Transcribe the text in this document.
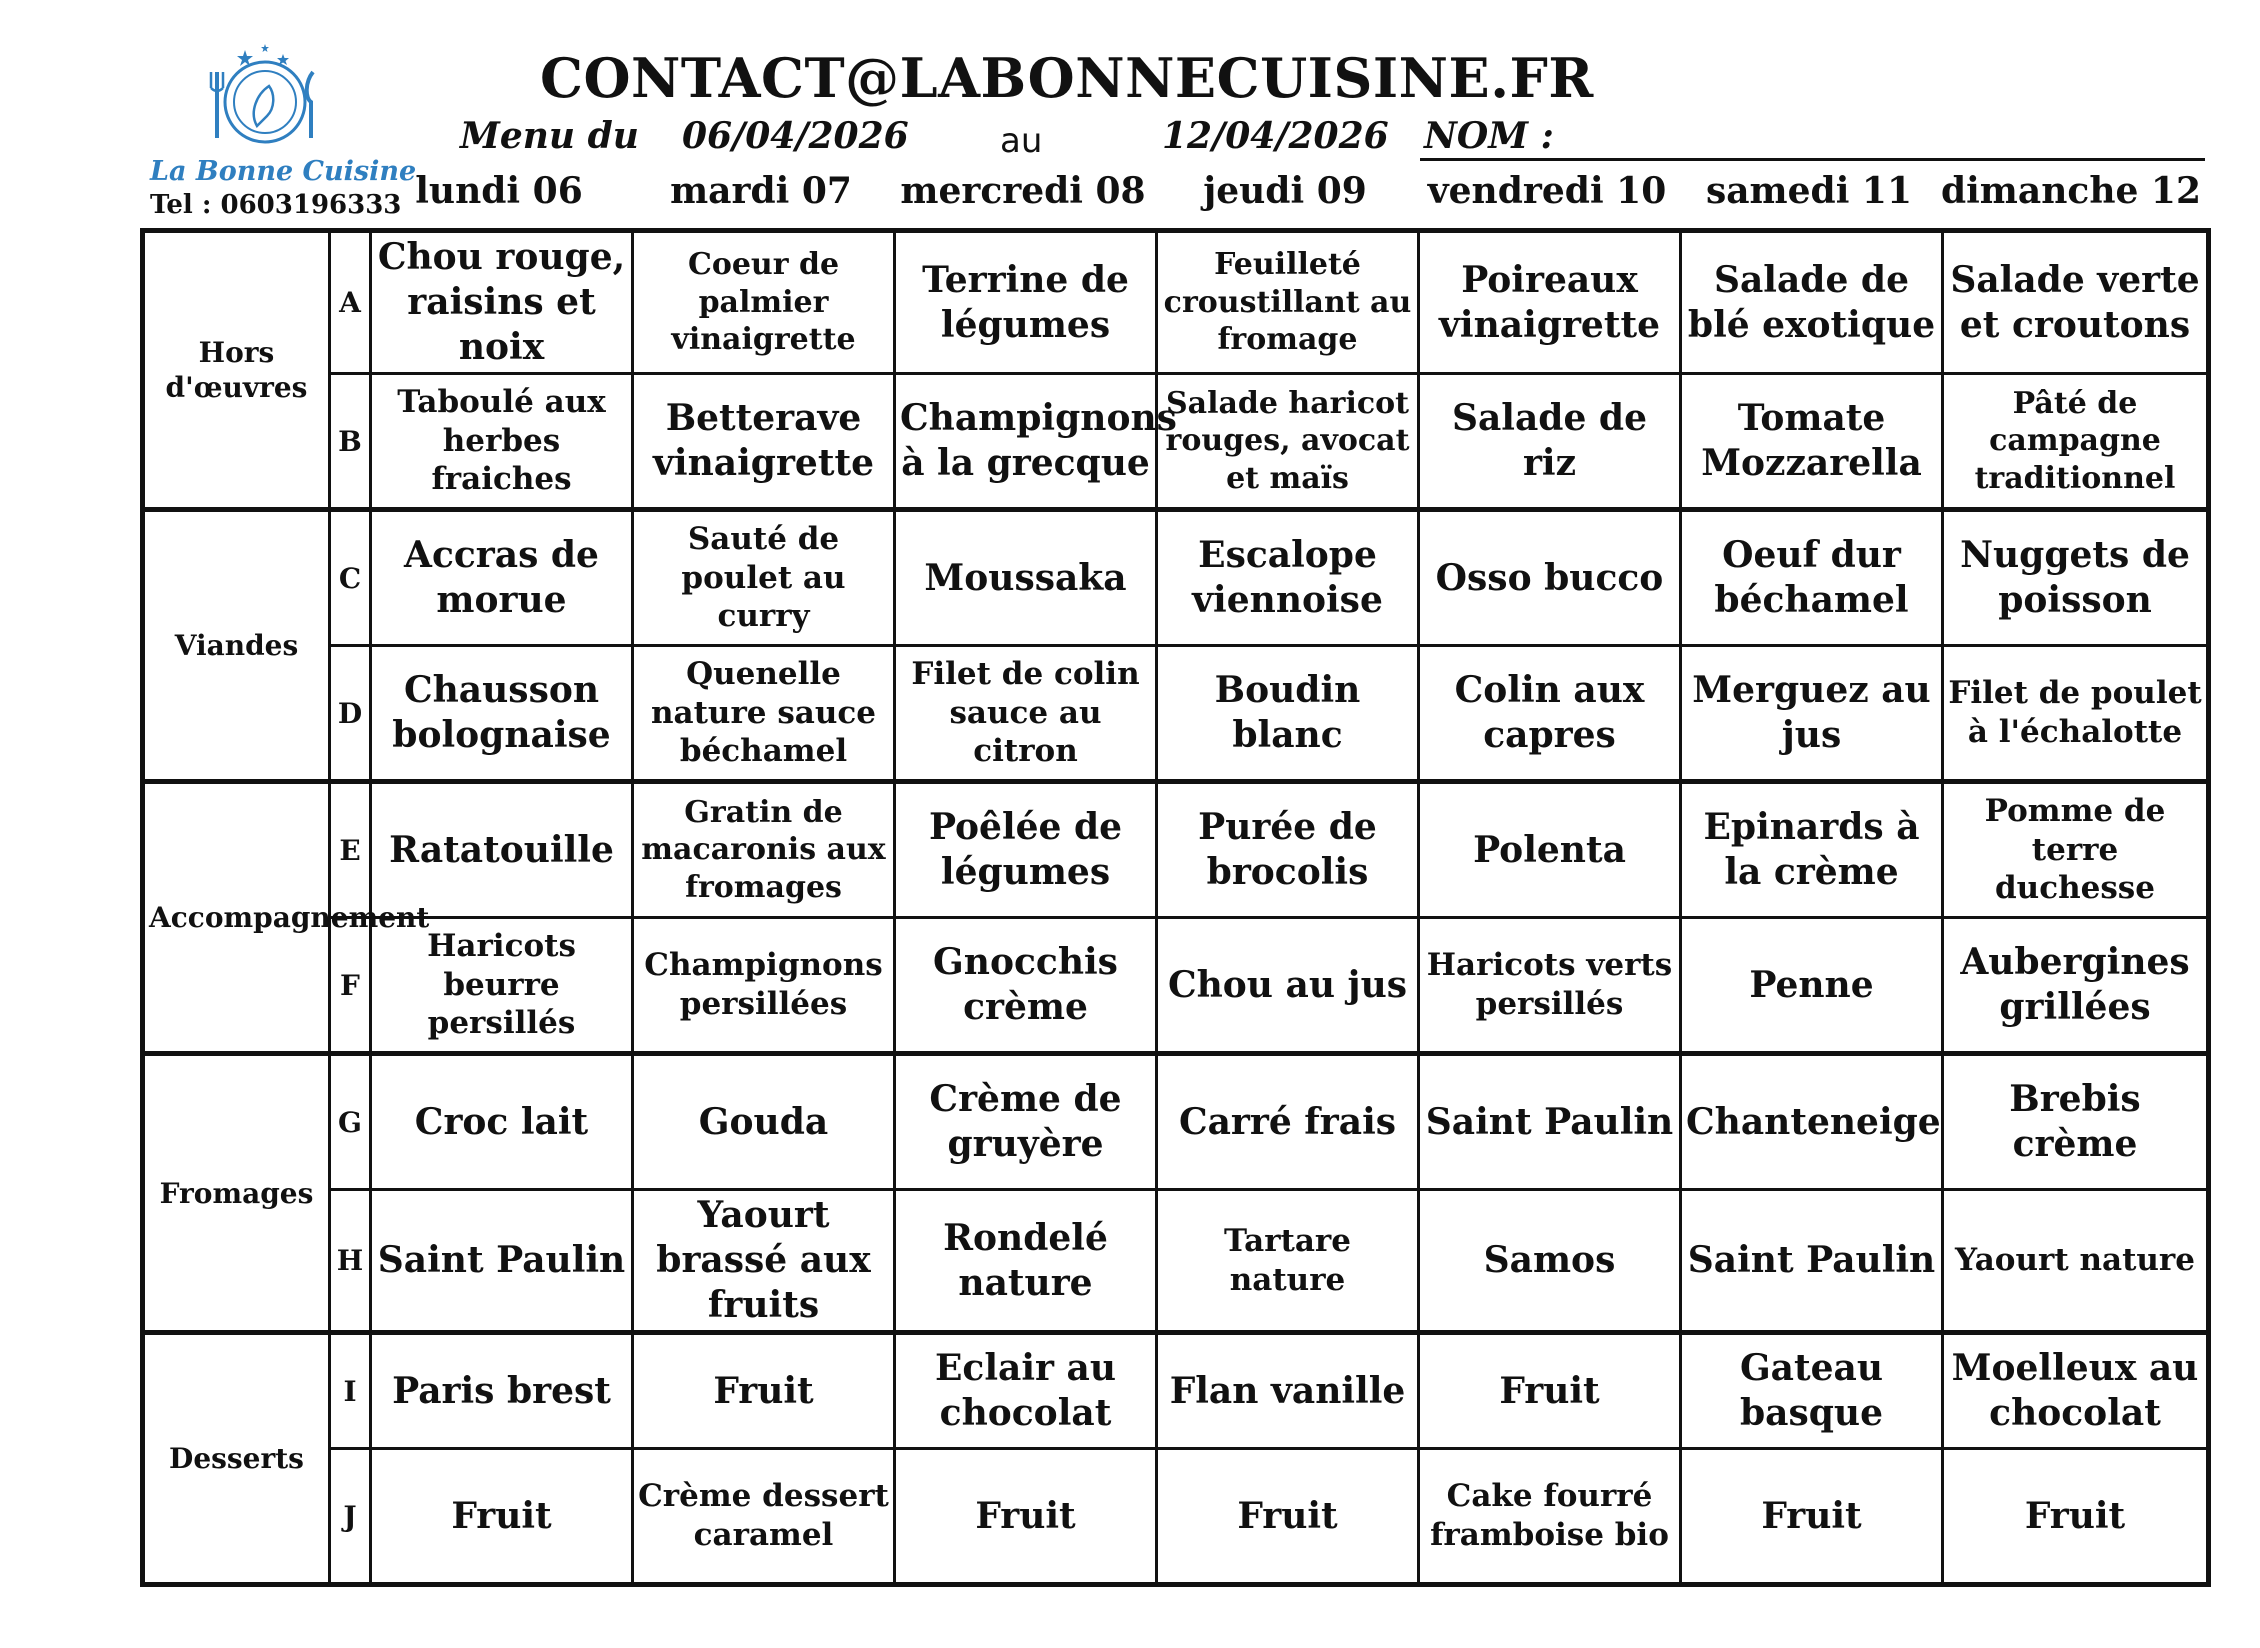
La Bonne Cuisine
Tel : 0603196333
CONTACT@LABONNECUISINE.FR
Menu du 06/04/2026	au	12/04/2026 NOM :
lundi 06	mardi 07	mercredi 08	jeudi 09	vendredi 10	samedi 11 dimanche 12
Hors d'œuvres	A	Chou rouge, raisins et noix	Coeur de palmier vinaigrette	Terrine de légumes	Feuilleté croustillant au fromage	Poireaux vinaigrette	Salade de blé exotique	Salade verte et croutons
	B	Taboulé aux herbes fraiches	Betterave vinaigrette	Champignons à la grecque	Salade haricot rouges, avocat et maïs	Salade de riz	Tomate Mozzarella	Pâté de campagne traditionnel
Viandes	C	Accras de morue	Sauté de poulet au curry	Moussaka	Escalope viennoise	Osso bucco	Oeuf dur béchamel	Nuggets de poisson
	D	Chausson bolognaise	Quenelle nature sauce béchamel	Filet de colin sauce au citron	Boudin blanc	Colin aux capres	Merguez au jus	Filet de poulet à l'échalotte
Accompagnement	E	Ratatouille	Gratin de macaronis aux fromages	Poêlée de légumes	Purée de brocolis	Polenta	Epinards à la crème	Pomme de terre duchesse
	F	Haricots beurre persillés	Champignons persillées	Gnocchis crème	Chou au jus	Haricots verts persillés	Penne	Aubergines grillées
Fromages	G	Croc lait	Gouda	Crème de gruyère	Carré frais	Saint Paulin	Chanteneige	Brebis crème
	H	Saint Paulin	Yaourt brassé aux fruits	Rondelé nature	Tartare nature	Samos	Saint Paulin	Yaourt nature
Desserts	I	Paris brest	Fruit	Eclair au chocolat	Flan vanille	Fruit	Gateau basque	Moelleux au chocolat
	J	Fruit	Crème dessert caramel	Fruit	Fruit	Cake fourré framboise bio	Fruit	Fruit
